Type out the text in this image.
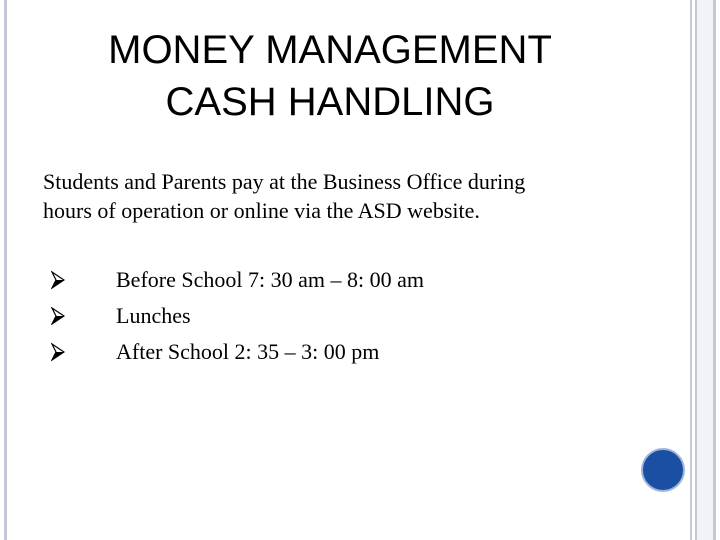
MONEY MANAGEMENT
CASH HANDLING
Students and Parents pay at the Business Office during
hours of operation or online via the ASD website.
Before School 7: 30 am – 8: 00 am
Lunches
After School 2: 35 – 3: 00 pm
